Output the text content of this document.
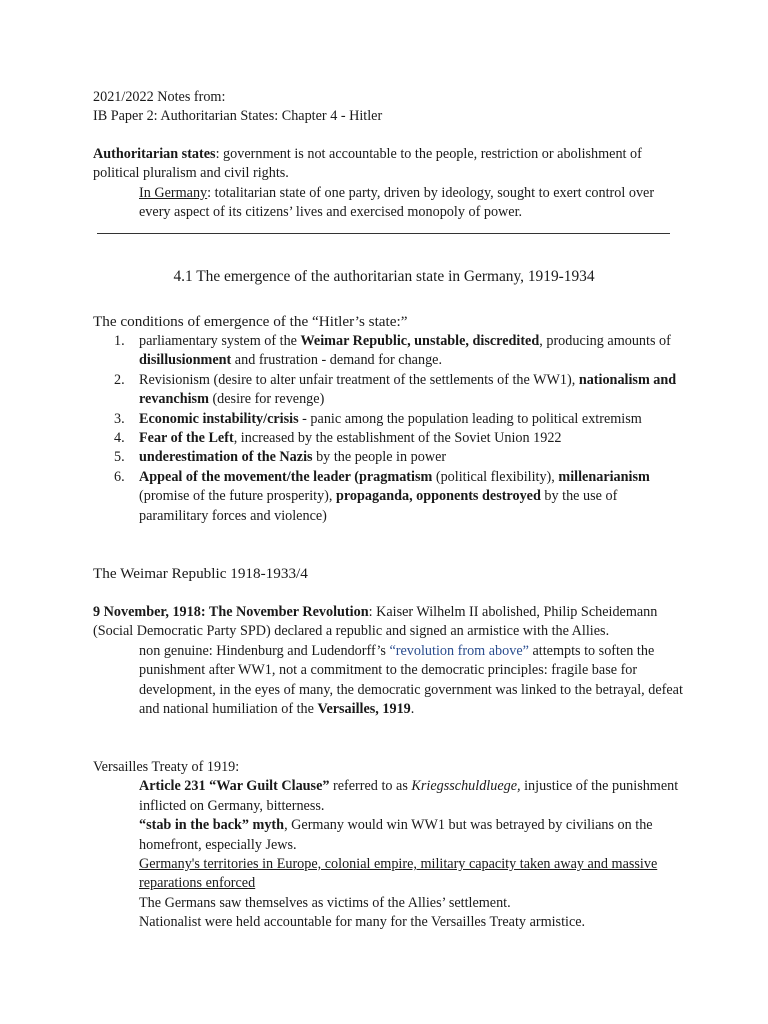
2021/2022 Notes from:

IB Paper 2: Authoritarian States: Chapter 4 - Hitler

Authoritarian states: government is not accountable to the people, restriction or abolishment of political pluralism and civil rights.

In Germany: totalitarian state of one party, driven by ideology, sought to exert control over every aspect of its citizens’ lives and exercised monopoly of power.

4.1 The emergence of the authoritarian state in Germany, 1919-1934

The conditions of emergence of the “Hitler’s state:”

parliamentary system of the Weimar Republic, unstable, discredited, producing amounts of disillusionment and frustration - demand for change.
Revisionism (desire to alter unfair treatment of the settlements of the WW1), nationalism and revanchism (desire for revenge)
Economic instability/crisis - panic among the population leading to political extremism
Fear of the Left, increased by the establishment of the Soviet Union 1922
underestimation of the Nazis by the people in power
Appeal of the movement/the leader (pragmatism (political flexibility), millenarianism (promise of the future prosperity), propaganda, opponents destroyed by the use of paramilitary forces and violence)

The Weimar Republic 1918-1933/4

9 November, 1918: The November Revolution: Kaiser Wilhelm II abolished, Philip Scheidemann (Social Democratic Party SPD) declared a republic and signed an armistice with the Allies.

non genuine: Hindenburg and Ludendorff’s “revolution from above” attempts to soften the punishment after WW1, not a commitment to the democratic principles: fragile base for development, in the eyes of many, the democratic government was linked to the betrayal, defeat and national humiliation of the Versailles, 1919.

Versailles Treaty of 1919:

Article 231 “War Guilt Clause” referred to as Kriegsschuldluege, injustice of the punishment inflicted on Germany, bitterness.

“stab in the back” myth, Germany would win WW1 but was betrayed by civilians on the homefront, especially Jews.

Germany's territories in Europe, colonial empire, military capacity taken away and massive reparations enforced

The Germans saw themselves as victims of the Allies’ settlement.

Nationalist were held accountable for many for the Versailles Treaty armistice.
